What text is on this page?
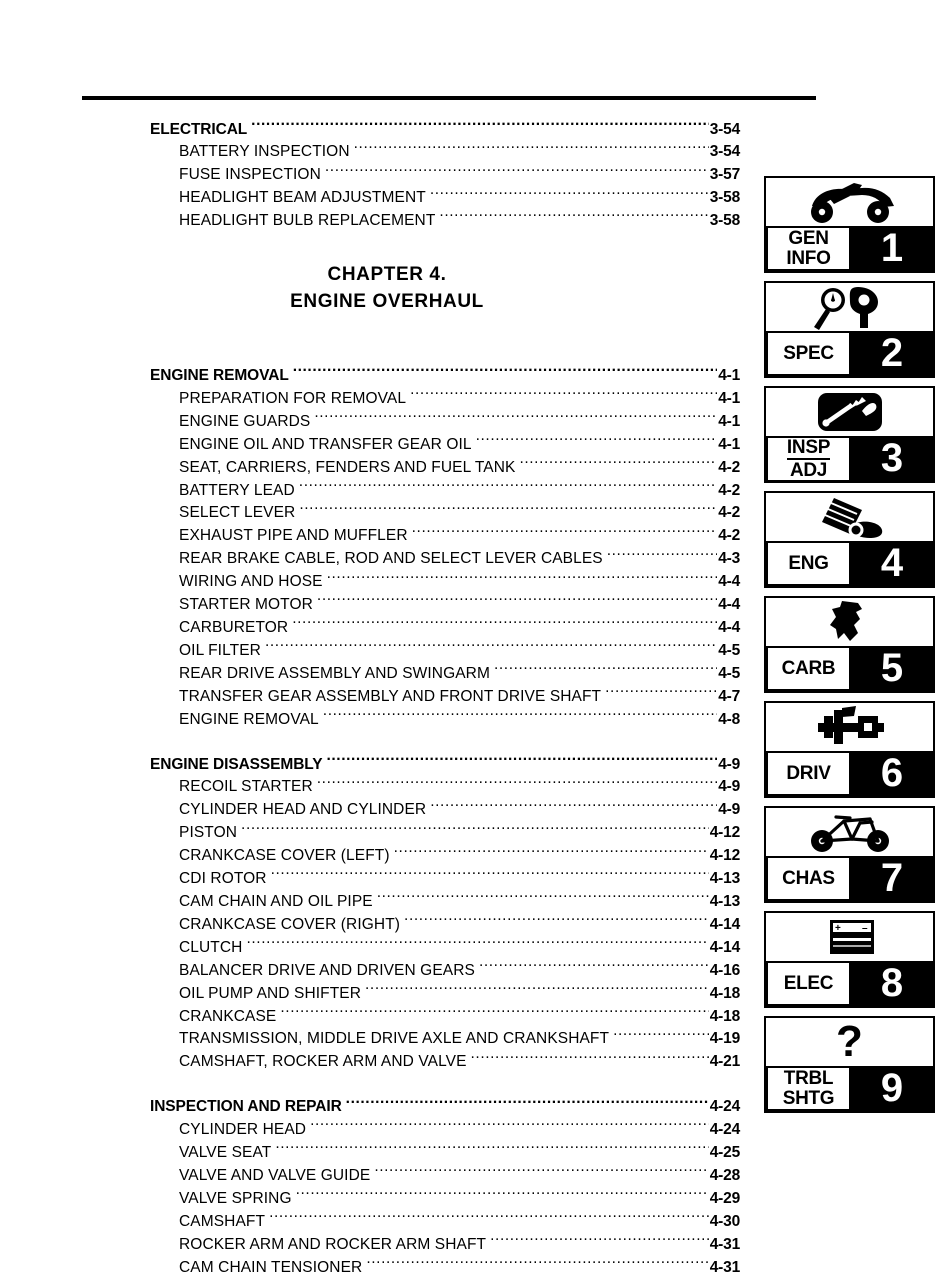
ELECTRICAL .....	3-54
BATTERY INSPECTION .....	3-54
FUSE INSPECTION .....	3-57
HEADLIGHT BEAM ADJUSTMENT .....	3-58
HEADLIGHT BULB REPLACEMENT .....	3-58
CHAPTER 4.
ENGINE OVERHAUL
ENGINE REMOVAL .....	4-1
PREPARATION FOR REMOVAL .....	4-1
ENGINE GUARDS .....	4-1
ENGINE OIL AND TRANSFER GEAR OIL .....	4-1
SEAT, CARRIERS, FENDERS AND FUEL TANK .....	4-2
BATTERY LEAD .....	4-2
SELECT LEVER .....	4-2
EXHAUST PIPE AND MUFFLER .....	4-2
REAR BRAKE CABLE, ROD AND SELECT LEVER CABLES .....	4-3
WIRING AND HOSE .....	4-4
STARTER MOTOR .....	4-4
CARBURETOR .....	4-4
OIL FILTER .....	4-5
REAR DRIVE ASSEMBLY AND SWINGARM .....	4-5
TRANSFER GEAR ASSEMBLY AND FRONT DRIVE SHAFT .....	4-7
ENGINE REMOVAL .....	4-8
ENGINE DISASSEMBLY .....	4-9
RECOIL STARTER .....	4-9
CYLINDER HEAD AND CYLINDER .....	4-9
PISTON .....	4-12
CRANKCASE COVER (LEFT) .....	4-12
CDI ROTOR .....	4-13
CAM CHAIN AND OIL PIPE .....	4-13
CRANKCASE COVER (RIGHT) .....	4-14
CLUTCH .....	4-14
BALANCER DRIVE AND DRIVEN GEARS .....	4-16
OIL PUMP AND SHIFTER .....	4-18
CRANKCASE .....	4-18
TRANSMISSION, MIDDLE DRIVE AXLE AND CRANKSHAFT .....	4-19
CAMSHAFT, ROCKER ARM AND VALVE .....	4-21
INSPECTION AND REPAIR .....	4-24
CYLINDER HEAD .....	4-24
VALVE SEAT .....	4-25
VALVE AND VALVE GUIDE .....	4-28
VALVE SPRING .....	4-29
CAMSHAFT .....	4-30
ROCKER ARM AND ROCKER ARM SHAFT .....	4-31
CAM CHAIN TENSIONER .....	4-31
GEN
INFO	1
SPEC	2
INSP
ADJ	3
ENG	4
CARB	5
DRIV	6
CHAS	7
+ –
ELEC	8
?
TRBL
SHTG	9
